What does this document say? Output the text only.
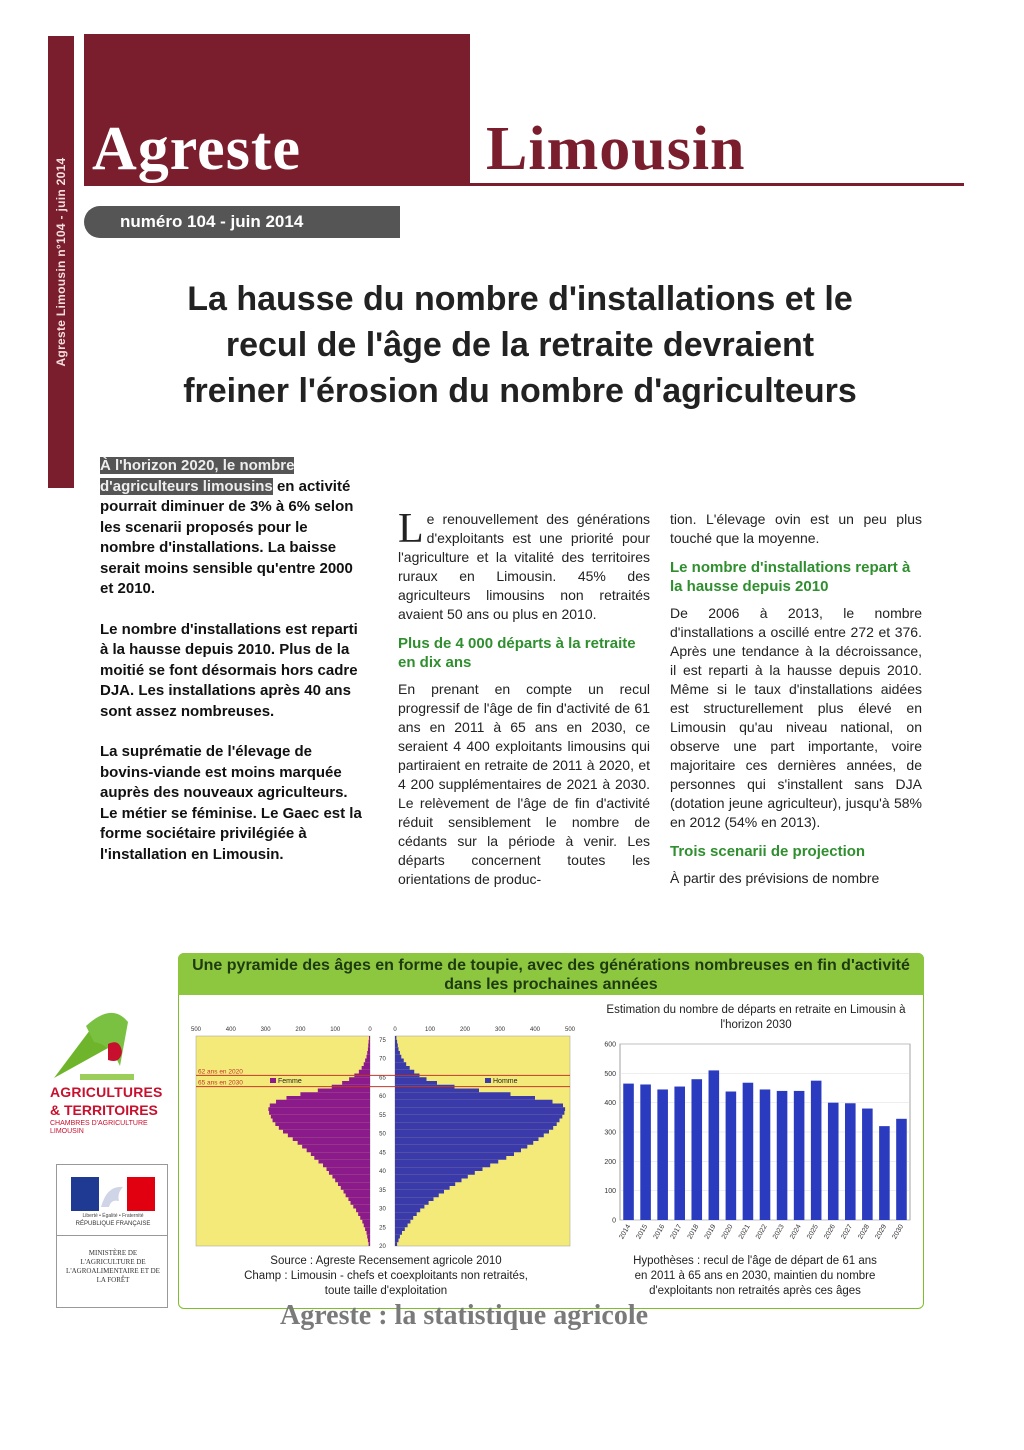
Agreste Limousin n°104 - juin 2014
Agreste	Limousin
numéro 104 - juin 2014
La hausse du nombre d'installations et le
recul de l'âge de la retraite devraient
freiner l'érosion du nombre d'agriculteurs

À l'horizon 2020, le nombre d'agriculteurs limousins en activité pourrait diminuer de 3% à 6% selon les scenarii proposés pour le nombre d'installations. La baisse serait moins sensible qu'entre 2000 et 2010.

Le nombre d'installations est reparti à la hausse depuis 2010. Plus de la moitié se font désormais hors cadre DJA. Les installations après 40 ans sont assez nombreuses.

La suprématie de l'élevage de bovins-viande est moins marquée auprès des nouveaux agriculteurs. Le métier se féminise. Le Gaec est la forme sociétaire privilégiée à l'installation en Limousin.

Le renouvellement des générations d'exploitants est une priorité pour l'agriculture et la vitalité des territoires ruraux en Limousin. 45% des agriculteurs limousins non retraités avaient 50 ans ou plus en 2010.

Plus de 4 000 départs à la retraite en dix ans

En prenant en compte un recul progressif de l'âge de fin d'activité de 61 ans en 2011 à 65 ans en 2030, ce seraient 4 400 exploitants limousins qui partiraient en retraite de 2011 à 2020, et 4 200 supplémentaires de 2021 à 2030. Le relèvement de l'âge de fin d'activité réduit sensiblement le nombre de cédants sur la période à venir. Les départs concernent toutes les orientations de produc-

tion. L'élevage ovin est un peu plus touché que la moyenne.

Le nombre d'installations repart à la hausse depuis 2010

De 2006 à 2013, le nombre d'installations a oscillé entre 272 et 376. Après une tendance à la décroissance, il est reparti à la hausse depuis 2010. Même si le taux d'installations aidées est structurellement plus élevé en Limousin qu'au niveau national, on observe une part importante, voire majoritaire ces dernières années, de personnes qui s'installent sans DJA (dotation jeune agriculteur), jusqu'à 58% en 2012 (54% en 2013).

Trois scenarii de projection

À partir des prévisions de nombre

Une pyramide des âges en forme de toupie, avec des générations nombreuses en fin d'activité dans les prochaines années
500	400	300	200	100	0	0	100	200	300	400	500
20
25
30
35
40
45
50
55
60
65
70
75
Femme	Homme
65 ans en 2030
62 ans en 2020
Source : Agreste Recensement agricole 2010
Champ : Limousin - chefs et coexploitants non retraités,
toute taille d'exploitation
Estimation du nombre de départs en retraite en Limousin à l'horizon 2030
0
100
200
300
400
500
600
2014 2015 2016 2017 2018 2019 2020 2021 2022 2023 2024 2025 2026 2027 2028 2029 2030
Hypothèses : recul de l'âge de départ de 61 ans
en 2011 à 65 ans en 2030, maintien du nombre
d'exploitants non retraités après ces âges
AGRICULTURES
& TERRITOIRES
CHAMBRES D'AGRICULTURE LIMOUSIN
Liberté • Égalité • Fraternité
RÉPUBLIQUE FRANÇAISE
MINISTÈRE DE L'AGRICULTURE DE L'AGROALIMENTAIRE ET DE LA FORÊT
Agreste : la statistique agricole
